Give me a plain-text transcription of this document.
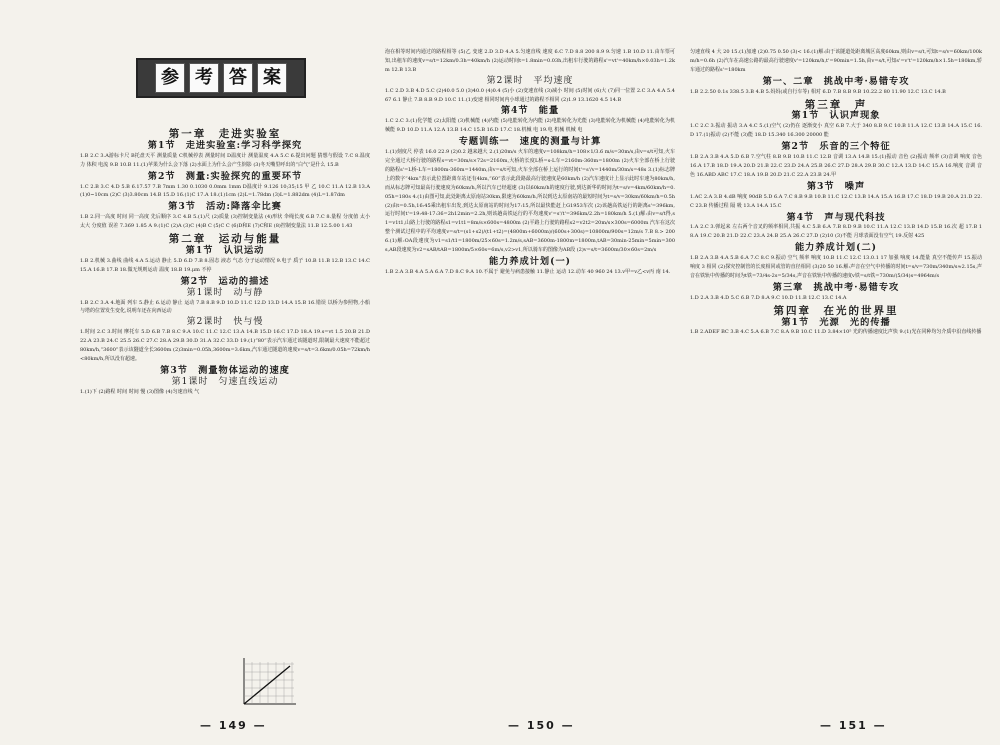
参 考 答 案
第一章　走进实验室
第1节　走进实验室:学习科学探究
1.B 2.C 3.A游标卡尺 B托盘天平 测量质量 C机械停表 测量时间 D温度计 测量温度 4.A 5.C 6.提出问题 猜想与假设 7.C 8.温度 力 体积 电流 9.B 10.B 11.(1)苹果为什么会下落 (2)水面上为什么会产生倒影 (3)冬天嘴里呼出的“白气”是什么 15.B
第2节　测量:实验探究的重要环节
1.C 2.B 3.C 4.D 5.B 6.17.57 7.B 7mm 1.30 0.1030 0.0mm 1mm D温度计 9.126 10;35;15 甲 乙 10.C 11.A 12.B 13.A (1)0~10cm (2)C (3)3.80cm 14.B 15.D 16.(1)C 17.A 18.(1)1cm (2)L=1.78dm (3)L=1.882dm (4)L=1.87dm
第3节　活动:降落伞比赛
1.B 2.同一高度 时间 同一高度 先后顺序 3.C 4.B 5.(1)尺 (2)质量 (3)控制变量法 (4)形状 伞绳长度 6.B 7.C 8.量程 分度值 太小 太大 分度值 误差 7.369 1.85 A 9.(1)C (2)A (3)C (4)B C (5)C C (6)D和E (7)C和E (8)控制变量法 11.B 12.5.00 1.43
第二章　运动与能量
第1节　认识运动
1.B 2.机械 3.曲线 曲线 4.A 5.运动 静止 5.D 6.D 7.B 8.固态 液态 气态 分子运动情况 9.电子 质子 10.B 11.B 12.B 13.C 14.C 15.A 16.B 17.B 18.做无规则运动 温度 18.B 19.μm 不停
第2节　运动的描述
第1课时　动与静
1.B 2.C 3.A 4.地面 列车 5.静止 6.运动 静止 运动 7.B 8.B 9.D 10.D 11.C 12.D 13.D 14.A 15.B 16.错误 以桥为参照物,小船与塔的位置发生变化,说明车还在向西运动
第2课时　快与慢
1.时间 2.C 3.时间 摩托车 5.D 6.B 7.B 8.C 9.A 10.C 11.C 12.C 13.A 14.B 15.D 16.C 17.D 18.A 19.s=vt 1.5 20.B 21.D 22.A 23.B 24.C 25.5 26.C 27.C 28.A 29.B 30.D 31.A 32.C 33.D 19.(1)“80”表示汽车通过该隧道时,限制最大速度不能超过80km/h,“3600”表示该隧道全长3600m (2)3min=0.05h,3600m=3.6km,汽车通过隧道的速度v=s/t=3.6km/0.05h=72km/h<80km/h,所以没有超速。
第3节　测量物体运动的速度
第1课时　匀速直线运动
1.(1)下 (2)路程 时间 时间 慢 (3)图像 (4)匀速直线 气
泡在相等时间内通过的路程相等 (5)乙 变速 2.D 3.D 4.A 5.匀速直线 速度 6.C 7.D 8.8 200 8.9 9.匀速 1.B 10.D 11.由车票可知,出租车的速度v=s/t=12km/0.3h=40km/h (2)运动时间t=1.8min=0.03h,出租车行驶的路程s'=vt'=40km/h×0.03h=1.2km 12.B 13.B
第2课时　平均速度
1.C 2.D 3.B 4.D 5.C (2)40.0 5.0 (3)40.0 (4)0.4 (5)小 (2)变速直线 (3)减小 时间 (5)时间 (6)大 (7)同一位置 2.C 3.A 4.A 5.4 67 6.1 静止 7.B 8.B 9.D 10.C 11.(1)变速 相同时间内小球通过的路程不相同 (2)1.9 13.1620 4.5 14.B
第4节　能量
1.C 2.C 3.(1)化学能 (2)太阳能 (3)机械能 (4)内能 (5)电能转化为内能 (2)电能转化为光能 (3)电能转化为机械能 (4)电能转化为机械能 9.D 10.D 11.A 12.A 13.B 14.C 15.B 16.D 17.C 18.机械 电 19.电 机械 机械 电
专题训练一　速度的测量与计算
1.(1)刻度尺 停表 16.0 22.9 (2)0.2 越来越大 2.(1)20m/s 火车的速度v=108km/h=108×1/3.6 m/s=30m/s,由v=s/t可知,火车完全通过大桥行驶的路程s=vt=30m/s×72s=2160m,大桥的长度L桥=s-L车=2160m-360m=1800m (2)火车全部在桥上行驶的路程s'=L桥-L车=1800m-360m=1440m,由v=s/t可知,火车全部在桥上运行的时间t'=s'/v=1440m/30m/s=48s 3.(1)标志牌上的数字“4km”表示此位置距离车站还有4km,“60”表示此段路最高行驶速度是60km/h (2)汽车速度计上显示此时车速为80km/h,而从标志牌可知最高行驶速度为60km/h,所以汽车已经超速 (3)以60km/h的速度行驶,到达新华的时间为t=s/v=4km/60km/h=0.05h=180s 4.(1)由图可知,此处距离太原南站30km,限速为60km/h,所以到达太原南站的最短时间为t=s/v=30km/60km/h=0.5h (2)由t=0.5h,16:45乘出租车出发,到达太原南站的时间为17:15,所以最快能赶上G1953车次 (2)该趟高铁运行的距离s'=396km,运行时间t'=19:48-17:36=2h12min=2.2h,则该趟高铁运行的平均速度v'=s'/t'=396km/2.2h=180km/h 5.(1)解:由v=s/t得,s1=v1t1,山路上行驶的路程s1=v1t1=8m/s×600s=4800m (2)平路上行驶的路程s2=v2t2=20m/s×300s=6000m 汽车在这次整个测试过程中的平均速度v=s/t=(s1+s2)/(t1+t2)=(4800m+6000m)/(600s+300s)=10800m/900s=12m/s 7.B 8.> 200 6.(1)解:OA段速度为v1=s1/t1=1800m/25×60s=1.2m/s,sAB=3600m-1800m=1800m,tAB=30min-25min=5min=300s,AB段速度为v2=sAB/tAB=1800m/5×60s=6m/s,v2>v1,所以骑车的图像为AB段 (2)v=s/t=3600m/30×60s=2m/s
能力养成计划(一)
1.B 2.A 3.B 4.A 5.A 6.A 7.D 8.C 9.A 10.不属于 避免与病患接触 11.静止 运动 12.动车 40 960 24 13.v甲=v乙<v丙 南 14.
匀速直线 4 大 20 15.(1)加速 (2)0.75 0.50 (3)< 16.(1)解:由于该隧道处距离城区高度60km,则由v=s/t,可知t=s/v=60km/100km/h=0.6h (2)汽车在高速公路的最高行驶速度v'=120km/h,t'=90min=1.5h,由v=s/t,可知s'=v't'=120km/h×1.5h=180km,轿车通过的路程s'=180km
第一、二章　挑战中考·易错专攻
1.B 2.2.50 0.1s 338.5 3.B 4.B 5.妈妈(或自行车等) 相对 6.D 7.B 8.B 9.B 10.22.2 80 11.90 12.C 13.C 14.B
第三章　声
第1节　认识声现象
1.C 2.C 3.振动 振动 3.A 4.C 5.(1)空气 (2)仍在 逐渐变小 真空 6.B 7.大于 340 8.B 9.C 10.B 11.A 12.C 13.B 14.A 15.C 16.D 17.(1)振动 (2)不能 (3)能 18.D 15.340 16.300 20000 能
第2节　乐音的三个特征
1.B 2.A 3.B 4.A 5.D 6.B 7.空气柱 8.B 9.B 10.B 11.C 12.B 音调 13.A 14.B 15.(1)振动 音色 (2)振动 频率 (3)音调 响度 音色 16.A 17.B 18.D 19.A 20.D 21.B 22.C 23.D 24.A 25.B 26.C 27.D 28.A 29.B 30.C 12.A 13.D 14.C 15.A 16.响度 音调 音色 16.ABD ABC 17.C 18.A 19.B 20.D 21.C 22.A 23.B 24.甲
第3节　噪声
1.AC 2.A 3.B 4.dB 响度 90dB 5.D 6.A 7.C 8.B 9.B 10.B 11.C 12.C 13.B 14.A 15.A 16.B 17.C 18.D 19.B 20.A 21.D 22.C 23.B 传播过程 隔 吸 13.A 14.A 15.C
第4节　声与现代科技
1.A 2.C 3.弹起来 左右两个音叉的频率相同,共振 4.C 5.B 6.A 7.B 8.D 9.B 10.C 11.A 12.C 13.B 14.D 15.B 16.次 超 17.B 18.A 19.C 20.B 21.D 22.C 23.A 24.B 25.A 26.C 27.D (2)10 (3)不能 月球表面没有空气 19.反射 425
能力养成计划(二)
1.B 2.A 3.B 4.A 5.B 6.A 7.C 8.C 9.振动 空气 频率 响度 10.B 11.C 12.C 13.0.1 17 加强 响度 14.能量 真空不能传声 15.振动 响度 3 相同 (2)探究控制管的长度相同或管的直径相同 (3)20 50 16.解:声音在空气中传播的时间t=s/v=730m/340m/s≈2.15s,声音在铁轨中传播的时间为t铁=73/4s-2s=5/34s,声音在铁轨中传播的速度v铁=s/t铁=730m/(5/34)s=4964m/s
第三章　挑战中考·易错专攻
1.D 2.A 3.B 4.D 5.C 6.B 7.D 8.A 9.C 10.D 11.B 12.C 13.C 14.A
第四章　在光的世界里
第1节　光源　光的传播
1.B 2.ADEF BC 3.B 4.C 5.A 6.B 7.C 8.A 9.B 10.C 11.D 3.84×10⁵ 光的传播速度比声快 9.(1)光在同种均匀介质中沿直线传播
— 149 —	— 150 —	— 151 —
